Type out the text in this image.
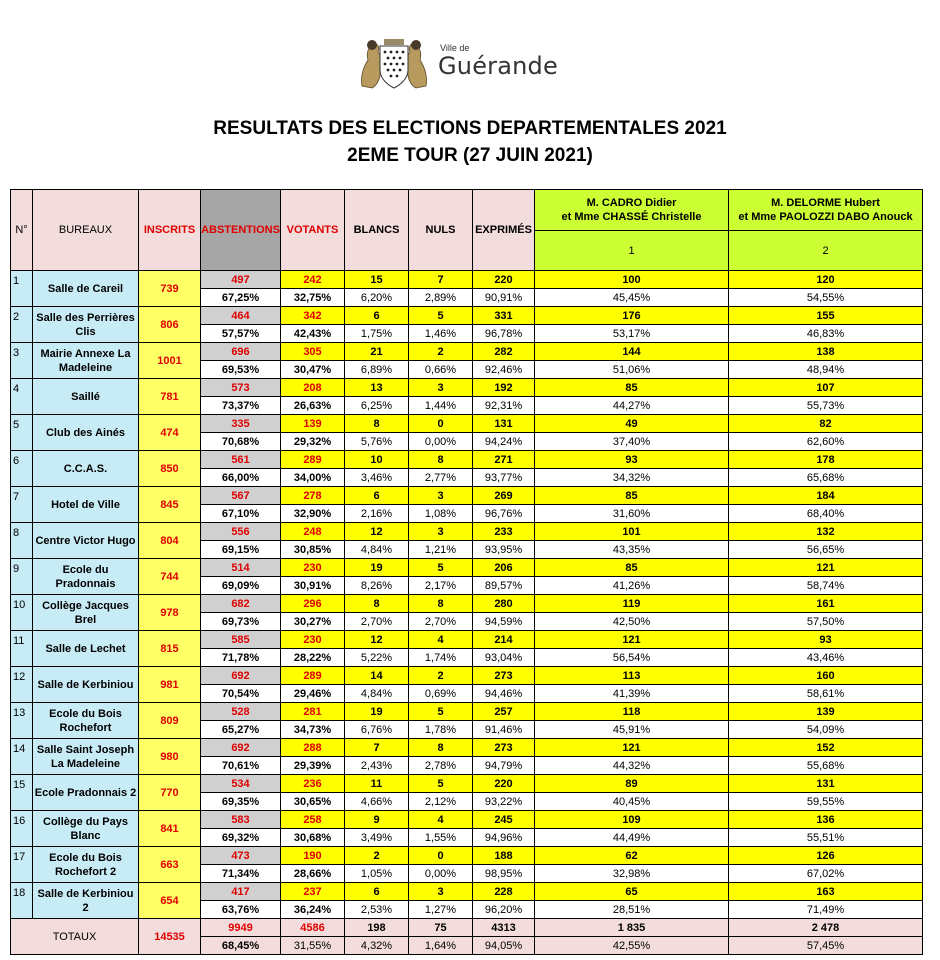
Ville de
Guérande
RESULTATS DES ELECTIONS DEPARTEMENTALES 2021
2EME TOUR (27 JUIN 2021)
N°	BUREAUX	INSCRITS	ABSTENTIONS	VOTANTS	BLANCS	NULS	EXPRIMÉS	M. CADRO Didier
et Mme CHASSÉ Christelle	M. DELORME Hubert
et Mme PAOLOZZI DABO Anouck
								1	2
1	Salle de Careil	739	497	242	15	7	220	100	120
			67,25%	32,75%	6,20%	2,89%	90,91%	45,45%	54,55%
2	Salle des Perrières Clis	806	464	342	6	5	331	176	155
			57,57%	42,43%	1,75%	1,46%	96,78%	53,17%	46,83%
3	Mairie Annexe La Madeleine	1001	696	305	21	2	282	144	138
			69,53%	30,47%	6,89%	0,66%	92,46%	51,06%	48,94%
4	Saillé	781	573	208	13	3	192	85	107
			73,37%	26,63%	6,25%	1,44%	92,31%	44,27%	55,73%
5	Club des Ainés	474	335	139	8	0	131	49	82
			70,68%	29,32%	5,76%	0,00%	94,24%	37,40%	62,60%
6	C.C.A.S.	850	561	289	10	8	271	93	178
			66,00%	34,00%	3,46%	2,77%	93,77%	34,32%	65,68%
7	Hotel de Ville	845	567	278	6	3	269	85	184
			67,10%	32,90%	2,16%	1,08%	96,76%	31,60%	68,40%
8	Centre Victor Hugo	804	556	248	12	3	233	101	132
			69,15%	30,85%	4,84%	1,21%	93,95%	43,35%	56,65%
9	Ecole du Pradonnais	744	514	230	19	5	206	85	121
			69,09%	30,91%	8,26%	2,17%	89,57%	41,26%	58,74%
10	Collège Jacques Brel	978	682	296	8	8	280	119	161
			69,73%	30,27%	2,70%	2,70%	94,59%	42,50%	57,50%
11	Salle de Lechet	815	585	230	12	4	214	121	93
			71,78%	28,22%	5,22%	1,74%	93,04%	56,54%	43,46%
12	Salle de Kerbiniou	981	692	289	14	2	273	113	160
			70,54%	29,46%	4,84%	0,69%	94,46%	41,39%	58,61%
13	Ecole du Bois Rochefort	809	528	281	19	5	257	118	139
			65,27%	34,73%	6,76%	1,78%	91,46%	45,91%	54,09%
14	Salle Saint Joseph La Madeleine	980	692	288	7	8	273	121	152
			70,61%	29,39%	2,43%	2,78%	94,79%	44,32%	55,68%
15	Ecole Pradonnais 2	770	534	236	11	5	220	89	131
			69,35%	30,65%	4,66%	2,12%	93,22%	40,45%	59,55%
16	Collège du Pays Blanc	841	583	258	9	4	245	109	136
			69,32%	30,68%	3,49%	1,55%	94,96%	44,49%	55,51%
17	Ecole du Bois Rochefort 2	663	473	190	2	0	188	62	126
			71,34%	28,66%	1,05%	0,00%	98,95%	32,98%	67,02%
18	Salle de Kerbiniou 2	654	417	237	6	3	228	65	163
			63,76%	36,24%	2,53%	1,27%	96,20%	28,51%	71,49%
TOTAUX		14535	9949	4586	198	75	4313	1 835	2 478
			68,45%	31,55%	4,32%	1,64%	94,05%	42,55%	57,45%
